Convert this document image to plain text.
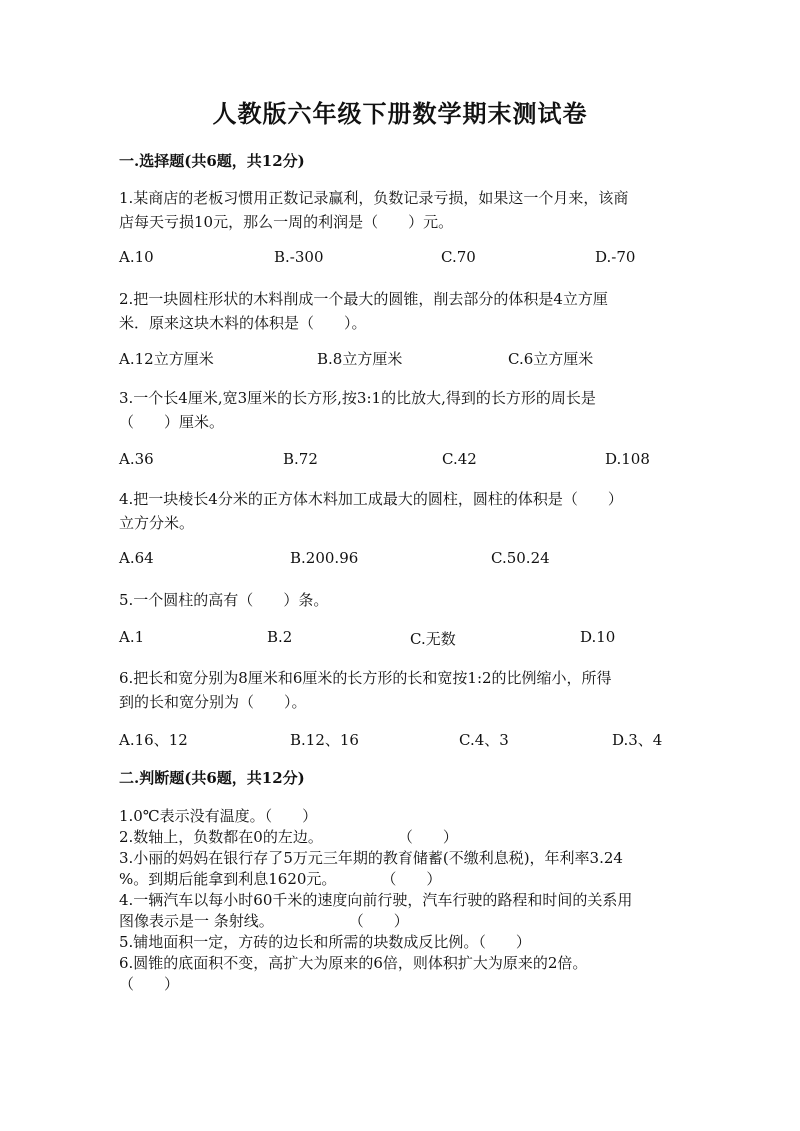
人教版六年级下册数学期末测试卷
一.选择题(共6题，共12分)
1.某商店的老板习惯用正数记录赢利，负数记录亏损，如果这一个月来，该商
店每天亏损10元，那么一周的利润是（　　）元。
A.10	B.-300	C.70	D.-70
2.把一块圆柱形状的木料削成一个最大的圆锥，削去部分的体积是4立方厘
米．原来这块木料的体积是（　　）。
A.12立方厘米	B.8立方厘米	C.6立方厘米
3.一个长4厘米,宽3厘米的长方形,按3:1的比放大,得到的长方形的周长是
（　　）厘米。
A.36	B.72	C.42	D.108
4.把一块棱长4分米的正方体木料加工成最大的圆柱，圆柱的体积是（　　）
立方分米。
A.64	B.200.96	C.50.24
5.一个圆柱的高有（　　）条。
A.1	B.2	C.无数	D.10
6.把长和宽分别为8厘米和6厘米的长方形的长和宽按1:2的比例缩小，所得
到的长和宽分别为（　　）。
A.16、12	B.12、16	C.4、3	D.3、4
二.判断题(共6题，共12分)
1.0℃表示没有温度。（　　）
2.数轴上，负数都在0的左边。　　　　　　（　　）
3.小丽的妈妈在银行存了5万元三年期的教育储蓄(不缴利息税)，年利率3.24
%。到期后能拿到利息1620元。　　　　（　　）
4.一辆汽车以每小时60千米的速度向前行驶，汽车行驶的路程和时间的关系用
图像表示是一 条射线。　　　　　　（　　）
5.铺地面积一定，方砖的边长和所需的块数成反比例。（　　）
6.圆锥的底面积不变，高扩大为原来的6倍，则体积扩大为原来的2倍。
（　　）
